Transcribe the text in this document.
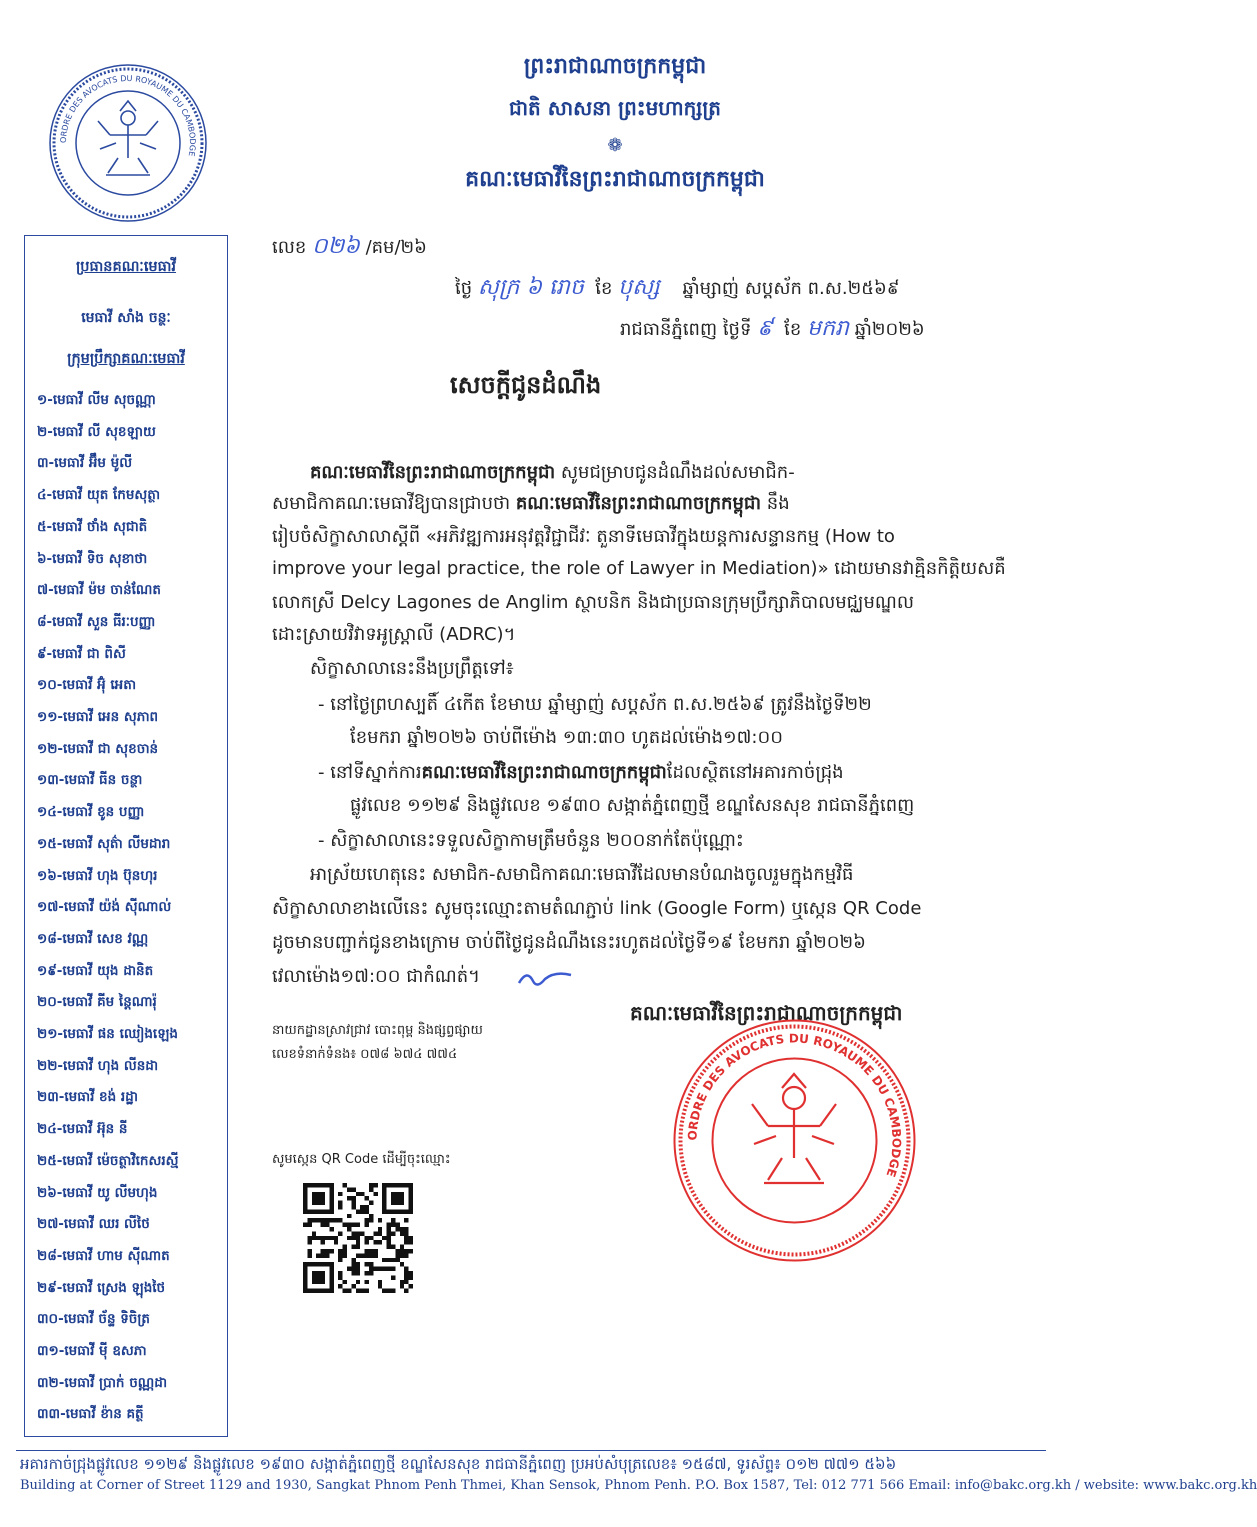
ព្រះរាជាណាចក្រកម្ពុជា
ជាតិ សាសនា ព្រះមហាក្សត្រ
❁
គណៈមេធាវីនៃព្រះរាជាណាចក្រកម្ពុជា
ORDRE DES AVOCATS DU ROYAUME DU CAMBODGE
ប្រធានគណៈមេធាវី
មេធាវី សាំង ចន្ថៈ
ក្រុមប្រឹក្សាគណៈមេធាវី
១-មេធាវី លីម សុចណ្ណា
២-មេធាវី លី សុខឡាយ
៣-មេធាវី អ៊ឹម ម៉ូលី
៤-មេធាវី យុត កែមសុត្ថា
៥-មេធាវី ថាំង សុជាតិ
៦-មេធាវី ទិច សុខាថា
៧-មេធាវី ម៉ម ចាន់ណែត
៨-មេធាវី សួន ធីរៈបញ្ញា
៩-មេធាវី ជា ពិសី
១០-មេធាវី អ៊ុំ អេតា
១១-មេធាវី អេន សុភាព
១២-មេធាវី ជា សុខចាន់
១៣-មេធាវី ធីន ចន្ថា
១៤-មេធាវី ខូន បញ្ញា
១៥-មេធាវី សុត៌ា លីមដារា
១៦-មេធាវី ហុង ប៊ុនហុរ
១៧-មេធាវី យ៉ង់ ស៊ីណាល់
១៨-មេធាវី សេខ វណ្ណ
១៩-មេធាវី យុង ដានិត
២០-មេធាវី គីម នៃ្តណារ៉ុ
២១-មេធាវី ផន ឈៀងឡេង
២២-មេធាវី ហុង លីនដា
២៣-មេធាវី ខង់ រដ្ឋា
២៤-មេធាវី អ៊ុន នី
២៥-មេធាវី ម៉េចត្ថាវិកេសរស្មី
២៦-មេធាវី យូ លីមហុង
២៧-មេធាវី ឈរ លីថៃ
២៨-មេធាវី ហាម ស៊ីណាត
២៩-មេធាវី ស្រេង ឡុងថៃ
៣០-មេធាវី ច័ន្ទ ទិចិត្រ
៣១-មេធាវី ម៉ី ឧសភា
៣២-មេធាវី ប្រាក់ ចណ្ណដា
៣៣-មេធាវី ខ៉ាន គត្ថី
លេខ ០២៦ /គម/២៦
ថ្ងៃ សុក្រ ៦ រោច ខែ បុស្ស ឆ្នាំម្សាញ់ សប្តស័ក ព.ស.២៥៦៩
រាជធានីភ្នំពេញ ថ្ងៃទី ៩ ខែ មករា ឆ្នាំ២០២៦
សេចក្តីជូនដំណឹង
គណៈមេធាវីនៃព្រះរាជាណាចក្រកម្ពុជា សូមជម្រាបជូនដំណឹងដល់សមាជិក-
សមាជិកាគណៈមេធាវីឱ្យបានជ្រាបថា គណៈមេធាវីនៃព្រះរាជាណាចក្រកម្ពុជា នឹង
រៀបចំសិក្ខាសាលាស្តីពី «អភិវឌ្ឍការអនុវត្តវិជ្ជាជីវៈ តួនាទីមេធាវីក្នុងយន្តការសន្ទានកម្ម (How to
improve your legal practice, the role of Lawyer in Mediation)» ដោយមានវាគ្មិនកិត្តិយសគឺ
លោកស្រី Delcy Lagones de Anglim ស្ថាបនិក និងជាប្រធានក្រុមប្រឹក្សាភិបាលមជ្ឈមណ្ឌល
ដោះស្រាយវិវាទអូស្ត្រាលី (ADRC)។
សិក្ខាសាលានេះនឹងប្រព្រឹត្តទៅ៖
- នៅថ្ងៃព្រហស្បតិ៍ ៤កើត ខែមាឃ ឆ្នាំម្សាញ់ សប្តស័ក ព.ស.២៥៦៩ ត្រូវនឹងថ្ងៃទី២២
ខែមករា ឆ្នាំ២០២៦ ចាប់ពីម៉ោង ១៣:៣០ ហូតដល់ម៉ោង១៧:០០
- នៅទីស្នាក់ការគណៈមេធាវីនៃព្រះរាជាណាចក្រកម្ពុជាដែលស្ថិតនៅអគារកាច់ជ្រុង
ផ្លូវលេខ ១១២៩ និងផ្លូវលេខ ១៩៣០ សង្កាត់ភ្នំពេញថ្មី ខណ្ឌសែនសុខ រាជធានីភ្នំពេញ
- សិក្ខាសាលានេះទទួលសិក្ខាកាមត្រឹមចំនួន ២០០នាក់តែប៉ុណ្ណោះ
អាស្រ័យហេតុនេះ សមាជិក-សមាជិកាគណៈមេធាវីដែលមានបំណងចូលរួមក្នុងកម្មវិធី
សិក្ខាសាលាខាងលើនេះ សូមចុះឈ្មោះតាមតំណភ្ជាប់ link (Google Form) ឬស្កេន QR Code
ដូចមានបញ្ជាក់ជូនខាងក្រោម ចាប់ពីថ្ងៃជូនដំណឹងនេះរហូតដល់ថ្ងៃទី១៩ ខែមករា ឆ្នាំ២០២៦
វេលាម៉ោង១៧:០០ ជាកំណត់។
គណៈមេធាវីនៃព្រះរាជាណាចក្រកម្ពុជា
ORDRE DES AVOCATS DU ROYAUME DU CAMBODGE
នាយកដ្ឋានស្រាវជ្រាវ បោះពុម្ព និងផ្សព្វផ្សាយ
លេខទំនាក់ទំនង៖ ០៧៨ ៦៧៤ ៧៧៤
សូមស្កេន QR Code ដើម្បីចុះឈ្មោះ
អគារកាច់ជ្រុងផ្លូវលេខ ១១២៩ និងផ្លូវលេខ ១៩៣០ សង្កាត់ភ្នំពេញថ្មី ខណ្ឌសែនសុខ រាជធានីភ្នំពេញ ប្រអប់សំបុត្រលេខ៖ ១៥៨៧, ទូរស័ព្ទ៖ ០១២ ៧៧១ ៥៦៦
Building at Corner of Street 1129 and 1930, Sangkat Phnom Penh Thmei, Khan Sensok, Phnom Penh. P.O. Box 1587, Tel: 012 771 566 Email: info@bakc.org.kh / website: www.bakc.org.kh
